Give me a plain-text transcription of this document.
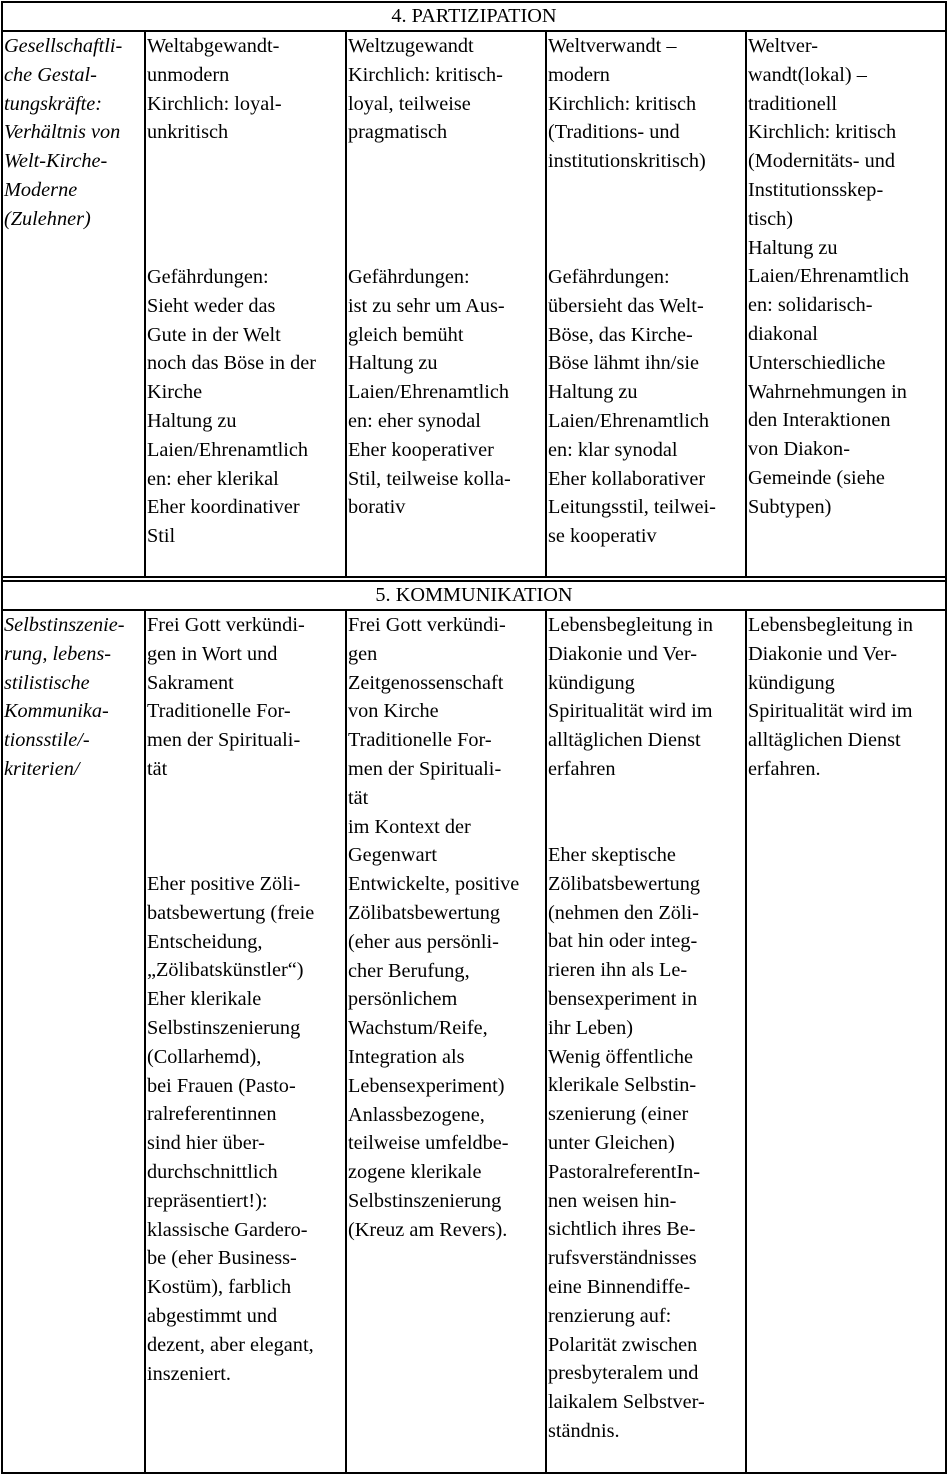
4. PARTIZIPATION
Gesellschaftli-
che Gestal-
tungskräfte:
Verhältnis von
Welt-Kirche-
Moderne
(Zulehner)
Weltabgewandt-
unmodern
Kirchlich: loyal-
unkritisch
Gefährdungen:
Sieht weder das
Gute in der Welt
noch das Böse in der
Kirche
Haltung zu
Laien/Ehrenamtlich
en: eher klerikal
Eher koordinativer
Stil
Weltzugewandt
Kirchlich: kritisch-
loyal, teilweise
pragmatisch
Gefährdungen:
ist zu sehr um Aus-
gleich bemüht
Haltung zu
Laien/Ehrenamtlich
en: eher synodal
Eher kooperativer
Stil, teilweise kolla-
borativ
Weltverwandt –
modern
Kirchlich: kritisch
(Traditions- und
institutionskritisch)
Gefährdungen:
übersieht das Welt-
Böse, das Kirche-
Böse lähmt ihn/sie
Haltung zu
Laien/Ehrenamtlich
en: klar synodal
Eher kollaborativer
Leitungsstil, teilwei-
se kooperativ
Weltver-
wandt(lokal) –
traditionell
Kirchlich: kritisch
(Modernitäts- und
Institutionsskep-
tisch)
Haltung zu
Laien/Ehrenamtlich
en: solidarisch-
diakonal
Unterschiedliche
Wahrnehmungen in
den Interaktionen
von Diakon-
Gemeinde (siehe
Subtypen)
5. KOMMUNIKATION
Selbstinszenie-
rung, lebens-
stilistische
Kommunika-
tionsstile/-
kriterien/
Frei Gott verkündi-
gen in Wort und
Sakrament
Traditionelle For-
men der Spirituali-
tät
Eher positive Zöli-
batsbewertung (freie
Entscheidung,
„Zölibatskünstler“)
Eher klerikale
Selbstinszenierung
(Collarhemd),
bei Frauen (Pasto-
ralreferentinnen
sind hier über-
durchschnittlich
repräsentiert!):
klassische Gardero-
be (eher Business-
Kostüm), farblich
abgestimmt und
dezent, aber elegant,
inszeniert.
Frei Gott verkündi-
gen
Zeitgenossenschaft
von Kirche
Traditionelle For-
men der Spirituali-
tät
im Kontext der
Gegenwart
Entwickelte, positive
Zölibatsbewertung
(eher aus persönli-
cher Berufung,
persönlichem
Wachstum/Reife,
Integration als
Lebensexperiment)
Anlassbezogene,
teilweise umfeldbe-
zogene klerikale
Selbstinszenierung
(Kreuz am Revers).
Lebensbegleitung in
Diakonie und Ver-
kündigung
Spiritualität wird im
alltäglichen Dienst
erfahren
Eher skeptische
Zölibatsbewertung
(nehmen den Zöli-
bat hin oder integ-
rieren ihn als Le-
bensexperiment in
ihr Leben)
Wenig öffentliche
klerikale Selbstin-
szenierung (einer
unter Gleichen)
PastoralreferentIn-
nen weisen hin-
sichtlich ihres Be-
rufsverständnisses
eine Binnendiffe-
renzierung auf:
Polarität zwischen
presbyteralem und
laikalem Selbstver-
ständnis.
Lebensbegleitung in
Diakonie und Ver-
kündigung
Spiritualität wird im
alltäglichen Dienst
erfahren.
